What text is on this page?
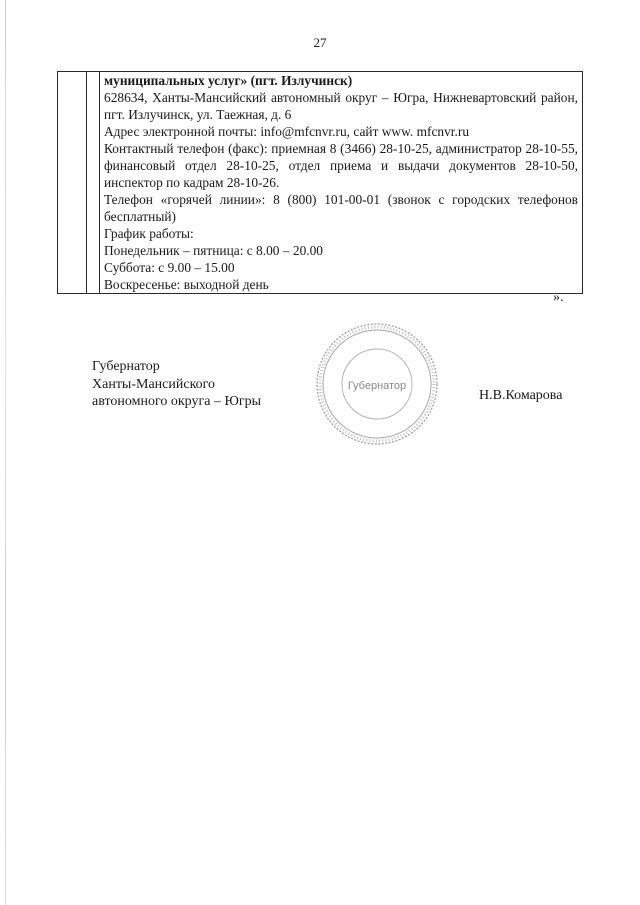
27

муниципальных услуг» (пгт. Излучинск)

628634, Ханты-Мансийский автономный округ – Югра, Нижневартовский район, пгт. Излучинск, ул. Таежная, д. 6

Адрес электронной почты: info@mfcnvr.ru, сайт www. mfcnvr.ru

Контактный телефон (факс): приемная 8 (3466) 28-10-25, администратор 28-10-55, финансовый отдел 28-10-25, отдел приема и выдачи документов 28-10-50, инспектор по кадрам 28-10-26.

Телефон «горячей линии»: 8 (800) 101-00-01 (звонок с городских телефонов бесплатный)

График работы:

Понедельник – пятница: с 8.00 – 20.00

Суббота: с 9.00 – 15.00

Воскресенье: выходной день

».
Губернатор
Ханты-Мансийского
автономного округа – Югры
Губернатор
Н.В.Комарова
